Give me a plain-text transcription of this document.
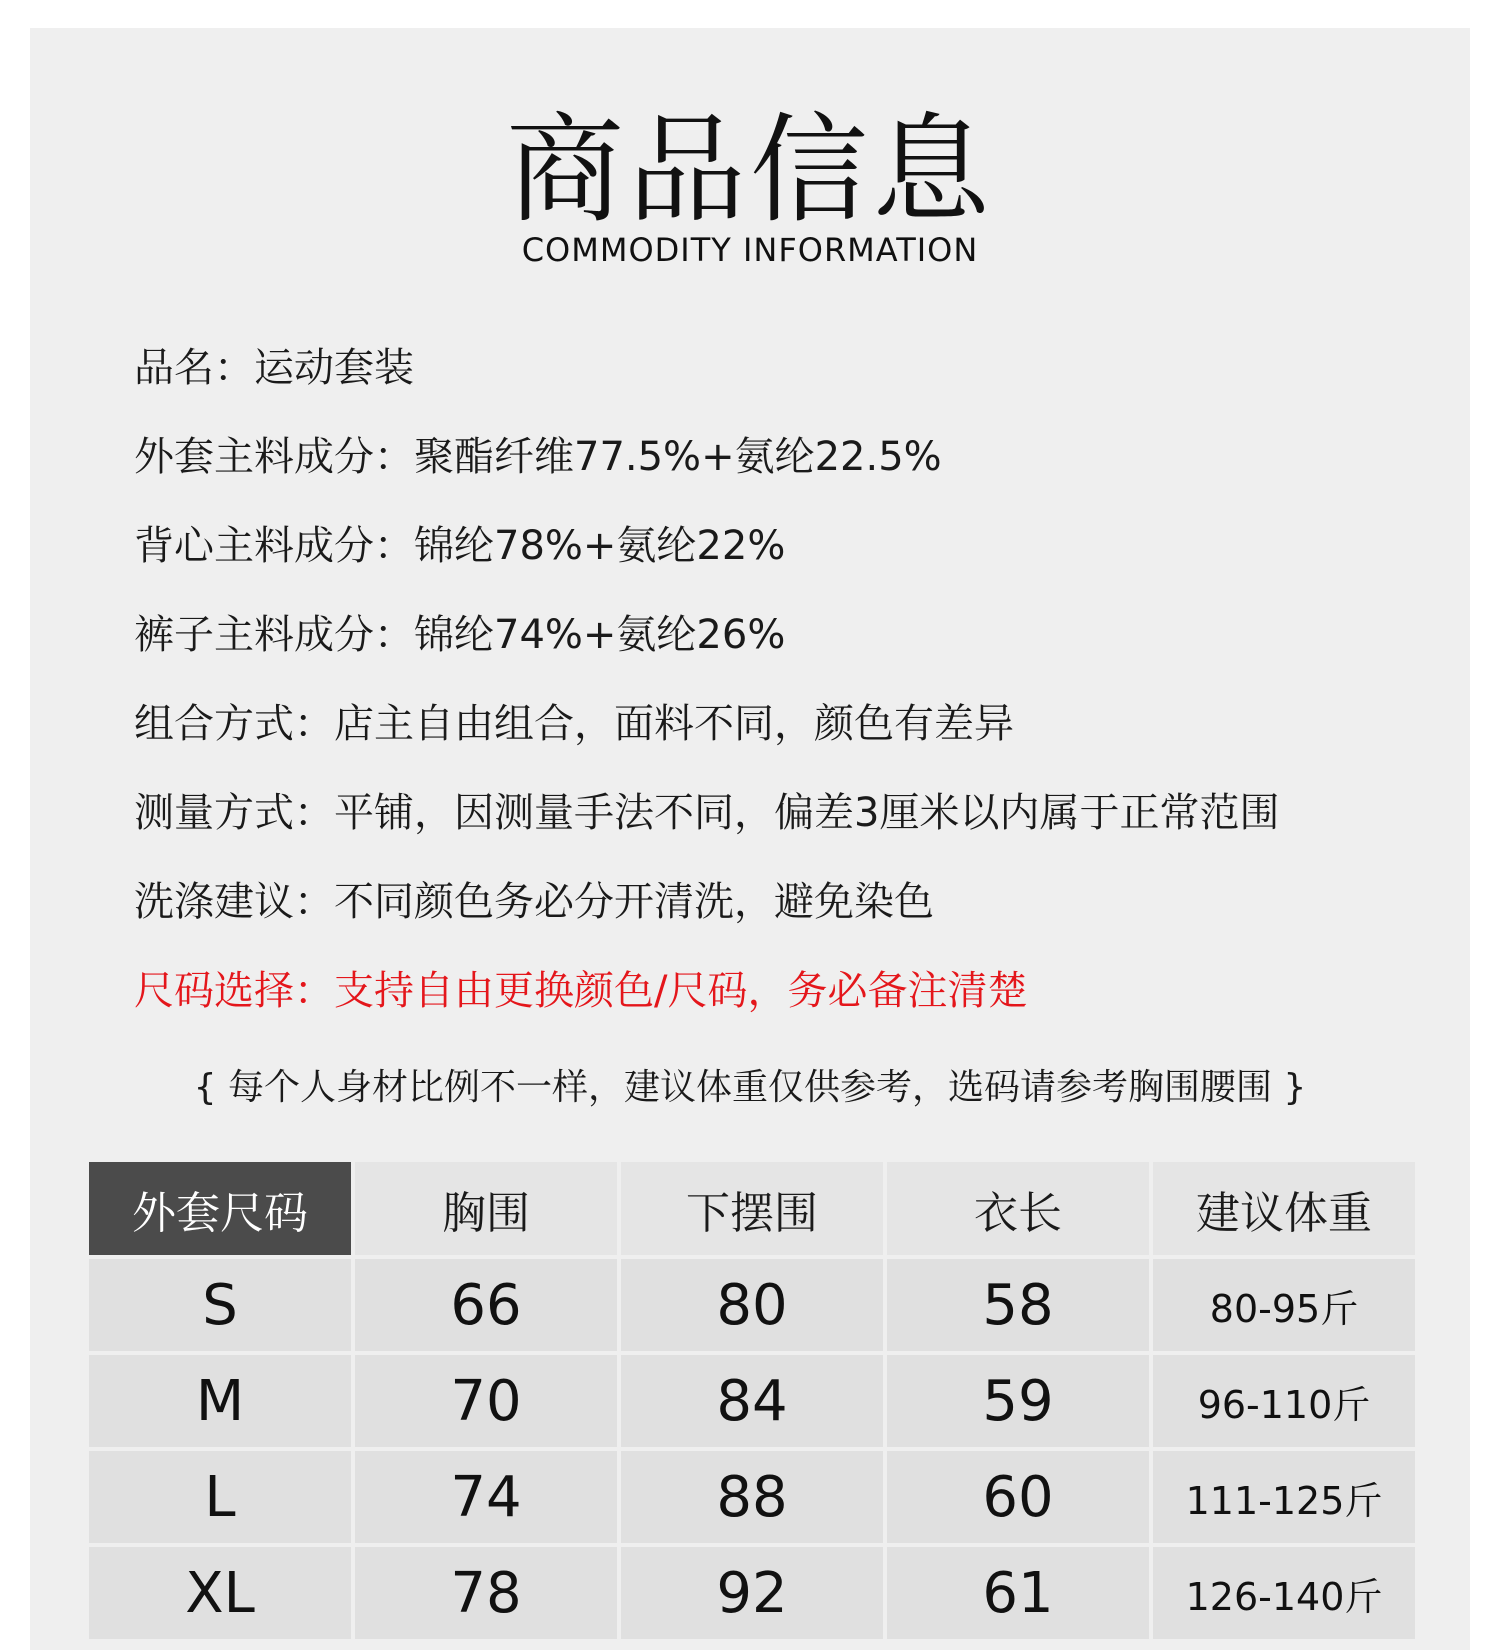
商品信息
COMMODITY INFORMATION
品名：运动套装
外套主料成分：聚酯纤维77.5%+氨纶22.5%
背心主料成分：锦纶78%+氨纶22%
裤子主料成分：锦纶74%+氨纶26%
组合方式：店主自由组合，面料不同，颜色有差异
测量方式：平铺，因测量手法不同，偏差3厘米以内属于正常范围
洗涤建议：不同颜色务必分开清洗，避免染色
尺码选择：支持自由更换颜色/尺码，务必备注清楚
{ 每个人身材比例不一样，建议体重仅供参考，选码请参考胸围腰围 }
外套尺码	胸围	下摆围	衣长	建议体重
S	66	80	58	80-95斤
M	70	84	59	96-110斤
L	74	88	60	111-125斤
XL	78	92	61	126-140斤
